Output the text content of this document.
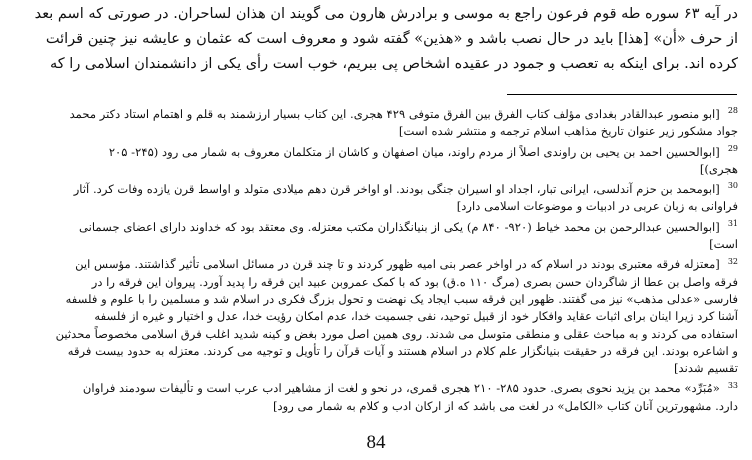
در آیه ۶۳ سوره طه قوم فرعون راجع به موسی و برادرش هارون می گویند ان هذان لساحران. در صورتی که اسم بعد

از حرف «أن» [هذا] باید در حال نصب باشد و «هذین» گفته شود و معروف است که عثمان و عایشه نیز چنین قرائت

کرده اند. برای اینکه به تعصب و جمود در عقیده اشخاص پی ببریم، خوب است رأی یکی از دانشمندان اسلامی را که

$^{28}$[ابو منصور عبدالقادر بغدادی مؤلف کتاب الفرق بین الفرق متوفی ۴۲۹ هجری. این کتاب بسیار ارزشمند به قلم و اهتمام استاد دکتر محمد

جواد مشکور زیر عنوان تاریخ مذاهب اسلام ترجمه و منتشر شده است]

$^{29}$[ابوالحسین احمد بن یحیی بن راوندی اصلاً از مردم راوند، میان اصفهان و کاشان از متکلمان معروف به شمار می رود (۲۴۵- ۲۰۵

هجری)]

$^{30}$[ابومحمد بن حزم آندلسی، ایرانی تبار، اجداد او اسیران جنگی بودند. او اواخر قرن دهم میلادی متولد و اواسط قرن یازده وفات کرد. آثار

فراوانی به زبان عربی در ادبیات و موضوعات اسلامی دارد]

$^{31}$[ابوالحسین عبدالرحمن بن محمد خیاط (۹۲۰- ۸۴۰ م) یکی از بنیانگذاران مکتب معتزله. وی معتقد بود که خداوند دارای اعضای جسمانی

است]

$^{32}$[معتزله فرقه معتبری بودند در اسلام که در اواخر عصر بنی امیه ظهور کردند و تا چند قرن در مسائل اسلامی تأثیر گذاشتند. مؤسس این

فرقه واصل بن عطا از شاگردان حسن بصری (مرگ ۱۱۰ ه.ق) بود که با کمک عمروبن عبید این فرقه را پدید آورد. پیروان این فرقه را در

فارسی «عدلی مذهب» نیز می گفتند. ظهور این فرقه سبب ایجاد یک نهضت و تحول بزرگ فکری در اسلام شد و مسلمین را با علوم و فلسفه

آشنا کرد زیرا اینان برای اثبات عقاید وافکار خود از قبیل توحید، نفی جسمیت خدا، عدم امکان رؤیت خدا، عدل و اختیار و غیره از فلسفه

استفاده می کردند و به مباحث عقلی و منطقی متوسل می شدند. روی همین اصل مورد بغض و کینه شدید اغلب فرق اسلامی مخصوصاً محدثین

و اشاعره بودند. این فرقه در حقیقت بنیانگزار علم کلام در اسلام هستند و آیات قرآن را تأویل و توجیه می کردند. معتزله به حدود بیست فرقه

تقسیم شدند]

$^{33}$«مُبَرِّد» محمد بن یزید نحوی بصری. حدود ۲۸۵- ۲۱۰ هجری قمری، در نحو و لغت از مشاهیر ادب عرب است و تألیفات سودمند فراوان

دارد. مشهورترین آنان کتاب «الکامل» در لغت می باشد که از ارکان ادب و کلام به شمار می رود]

84
